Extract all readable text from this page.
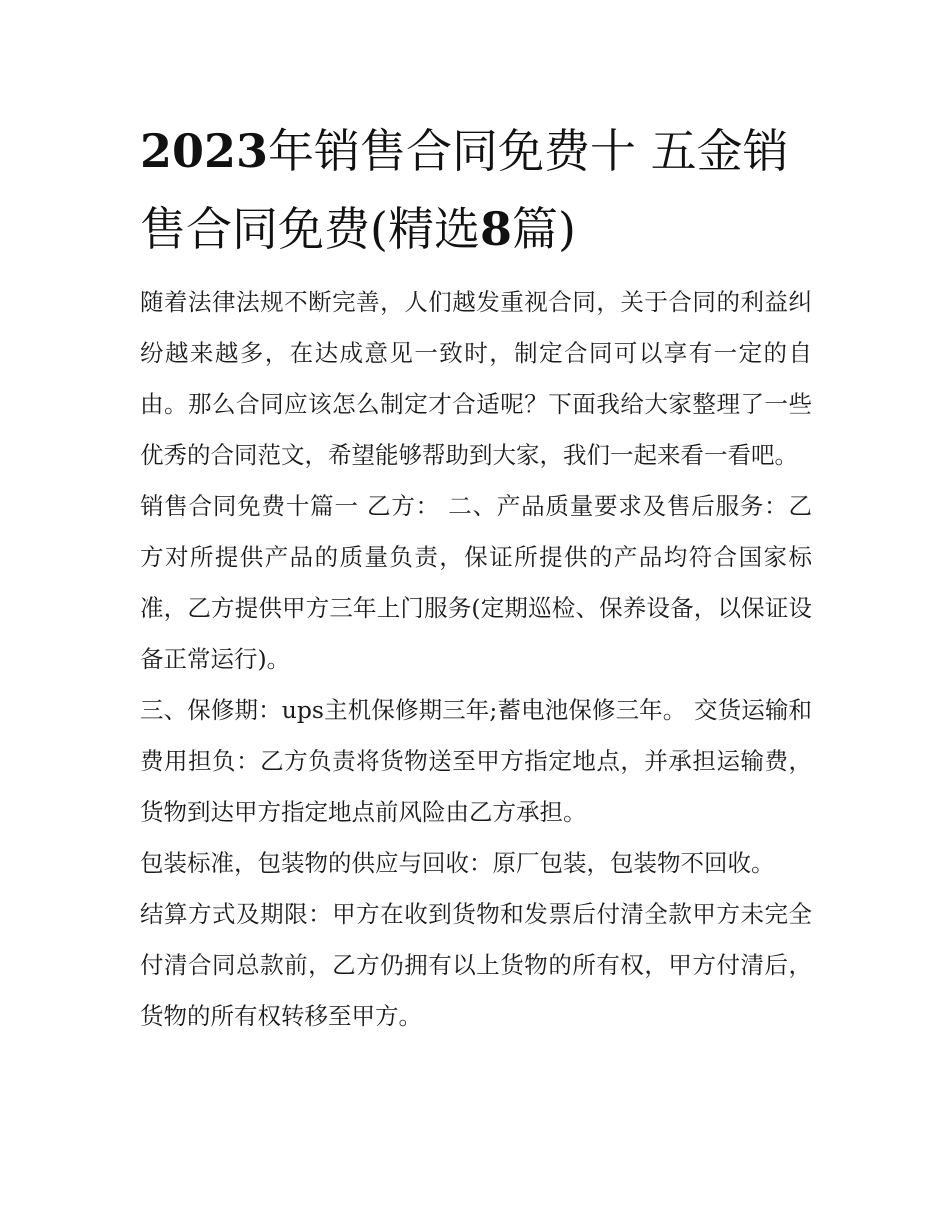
2023年销售合同免费十 五金销售合同免费(精选8篇)

随着法律法规不断完善，人们越发重视合同，关于合同的利益纠纷越来越多，在达成意见一致时，制定合同可以享有一定的自由。那么合同应该怎么制定才合适呢？下面我给大家整理了一些优秀的合同范文，希望能够帮助到大家，我们一起来看一看吧。

销售合同免费十篇一 乙方： 二、产品质量要求及售后服务：乙方对所提供产品的质量负责，保证所提供的产品均符合国家标准，乙方提供甲方三年上门服务(定期巡检、保养设备，以保证设备正常运行)。

三、保修期：ups主机保修期三年;蓄电池保修三年。 交货运输和费用担负：乙方负责将货物送至甲方指定地点，并承担运输费，货物到达甲方指定地点前风险由乙方承担。

包装标准，包装物的供应与回收：原厂包装，包装物不回收。

结算方式及期限：甲方在收到货物和发票后付清全款甲方未完全付清合同总款前，乙方仍拥有以上货物的所有权，甲方付清后，货物的所有权转移至甲方。
